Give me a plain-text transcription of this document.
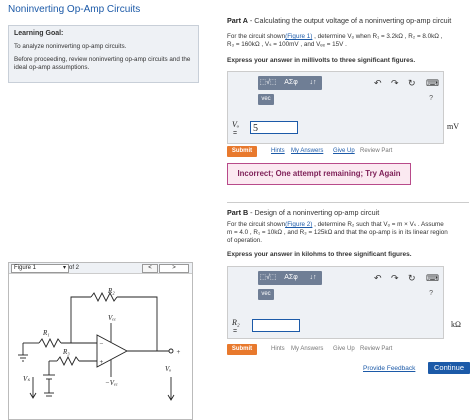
Noninverting Op-Amp Circuits
Learning Goal:
To analyze noninverting op-amp circuits.
Before proceeding, review noninverting op-amp circuits and the ideal op-amp assumptions.
Figure 1	▾ of 2	<	>
R₂
R₁
R₃
Vₑₑ
−Vₑₑ
Vₛ
Vₒ
−
+
+
Part A - Calculating the output voltage of a noninverting op-amp circuit
For the circuit shown(Figure 1) , determine Vₒ when R₁ = 3.2kΩ , R₂ = 8.0kΩ ,
R₃ = 160kΩ , Vₛ = 100mV , and Vₑₑ = 15V .
Express your answer in millivolts to three significant figures.
⬚√⬚ AΣφ ↓↑	↶ ↷ ↻ ⌨
vec	?
Vₒ
=	5	mV
Submit	Hints My Answers Give Up Review Part
Incorrect; One attempt remaining; Try Again
Part B - Design of a noninverting op-amp circuit
For the circuit shown(Figure 2) , determine R₂ such that Vₒ = m × Vₛ . Assume
m = 4.0 , R₁ = 10kΩ , and R₃ = 125kΩ and that the op-amp is in its linear region
of operation.
Express your answer in kilohms to three significant figures.
⬚√⬚ AΣφ ↓↑	↶ ↷ ↻ ⌨
vec	?
R₂
=
kΩ
Submit	Hints My Answers Give Up Review Part
Provide Feedback	Continue
